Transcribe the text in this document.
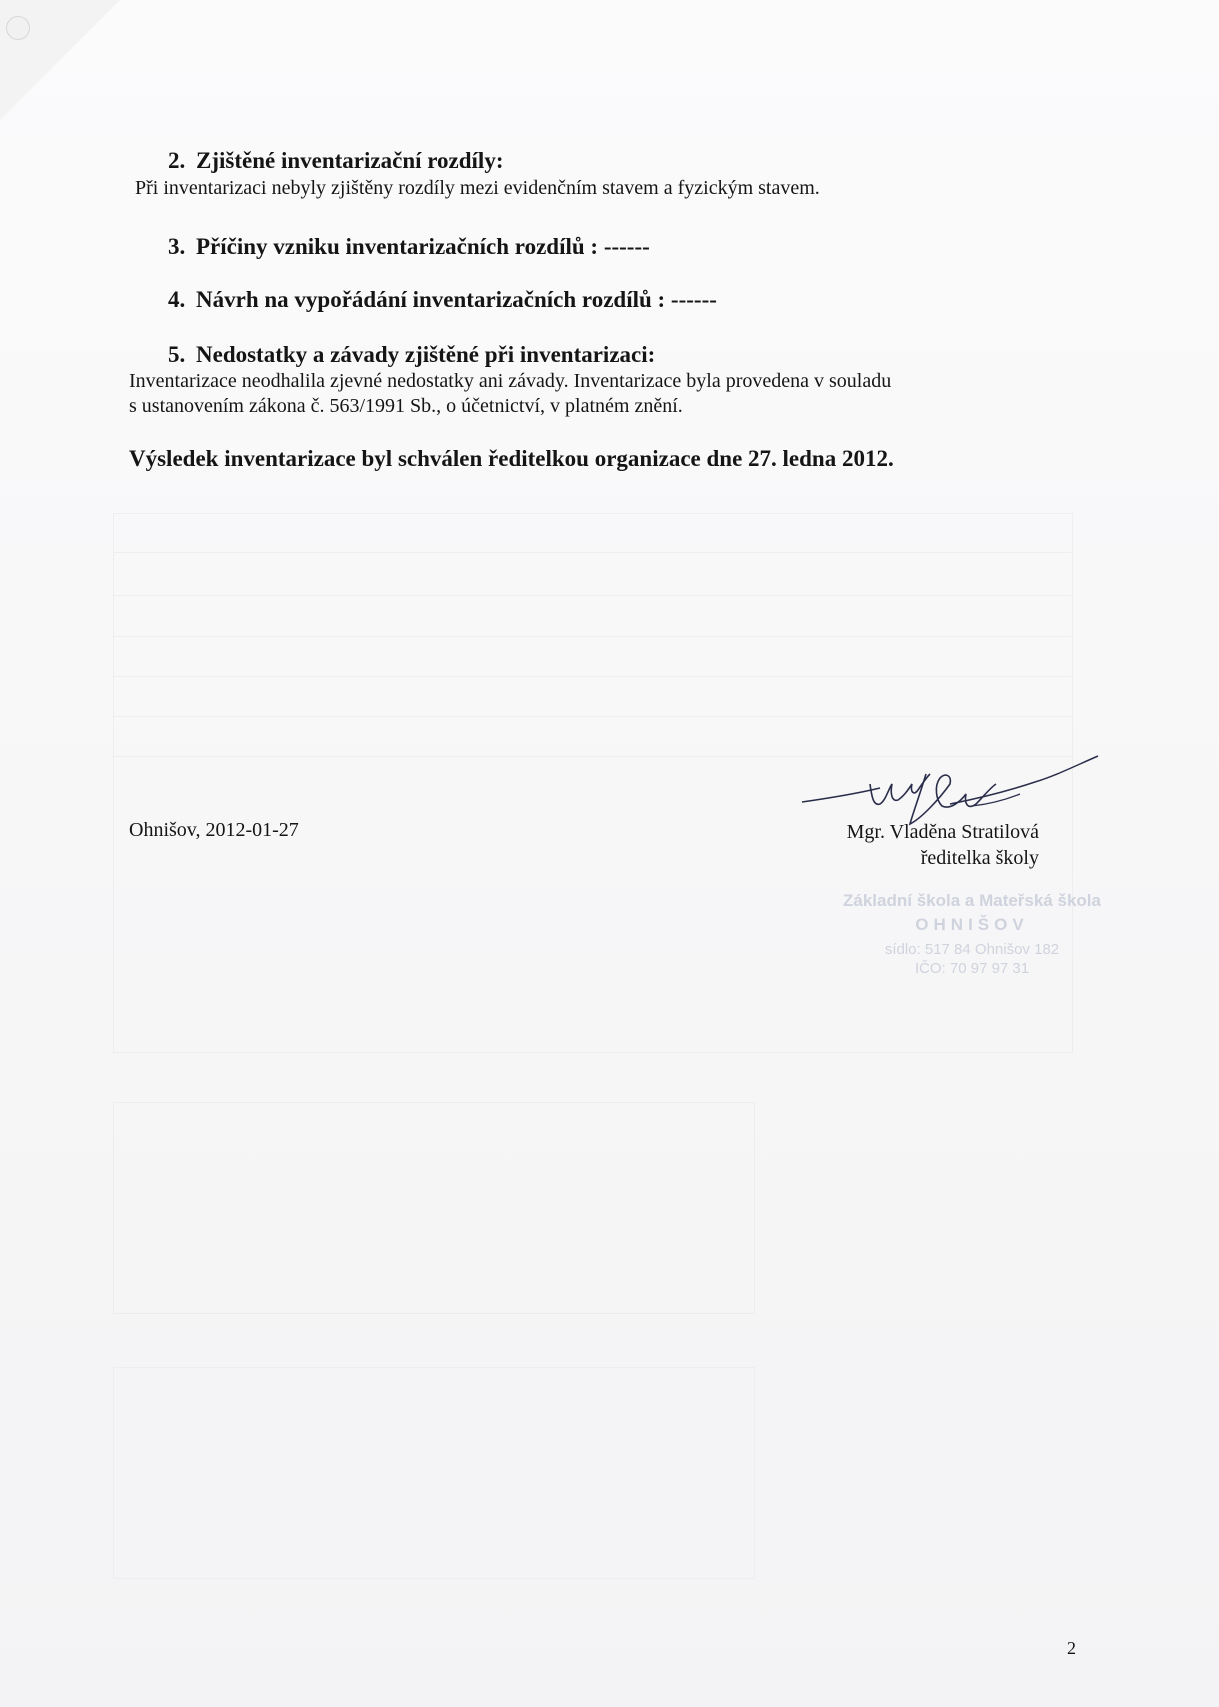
2. Zjištěné inventarizační rozdíly:
Při inventarizaci nebyly zjištěny rozdíly mezi evidenčním stavem a fyzickým stavem.
3. Příčiny vzniku inventarizačních rozdílů : ------
4. Návrh na vypořádání inventarizačních rozdílů : ------
5. Nedostatky a závady zjištěné při inventarizaci:
Inventarizace neodhalila zjevné nedostatky ani závady. Inventarizace byla provedena v souladu
s ustanovením zákona č. 563/1991 Sb., o účetnictví, v platném znění.
Výsledek inventarizace byl schválen ředitelkou organizace dne 27. ledna 2012.
Ohnišov, 2012-01-27	Mgr. Vladěna Stratilová
ředitelka školy
Základní škola a Mateřská škola
OHNIŠOV
sídlo: 517 84 Ohnišov 182
IČO: 70 97 97 31
2
